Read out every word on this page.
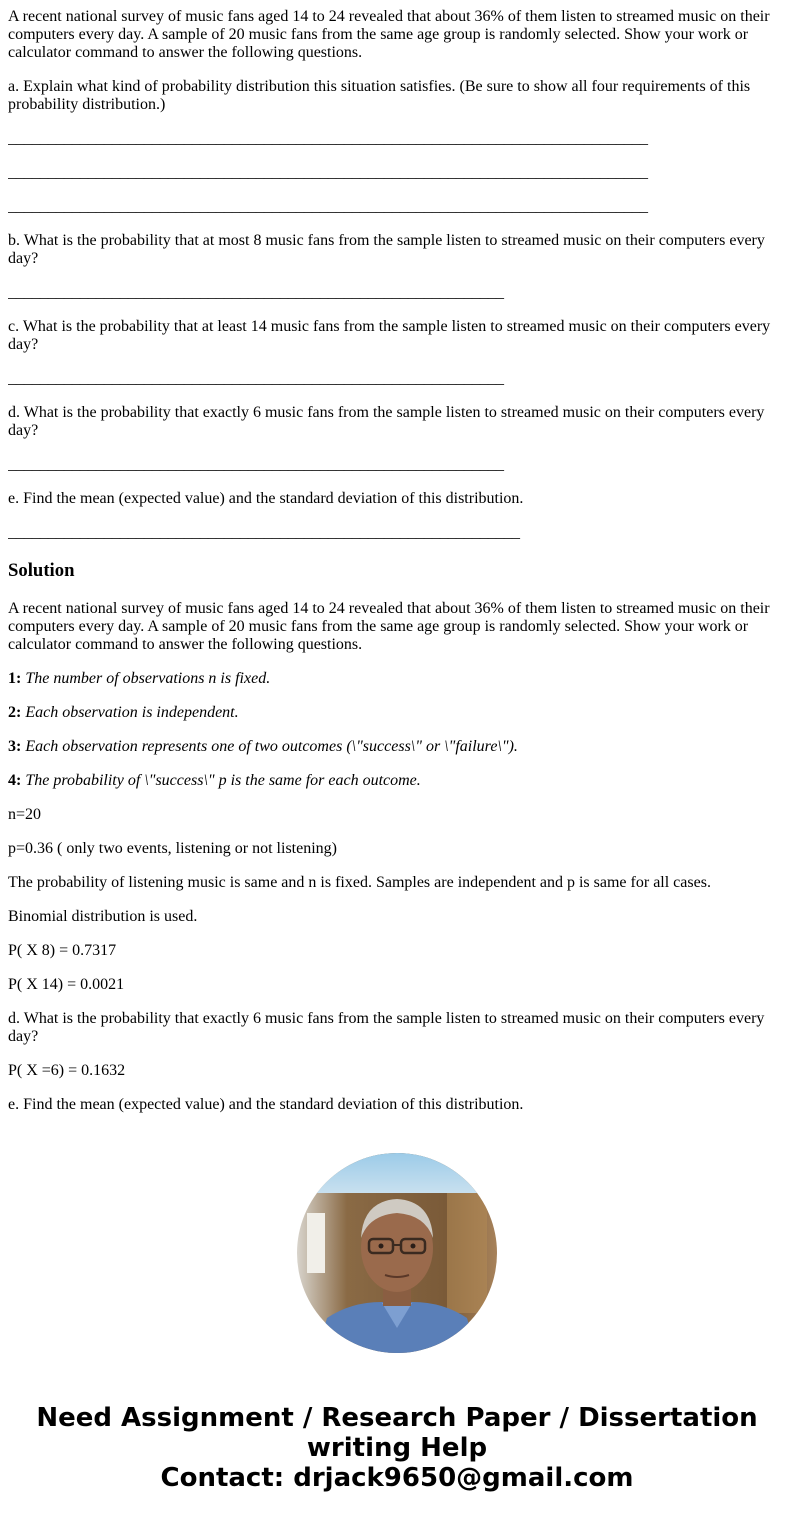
A recent national survey of music fans aged 14 to 24 revealed that about 36% of them listen to streamed music on their computers every day. A sample of 20 music fans from the same age group is randomly selected. Show your work or calculator command to answer the following questions.

a. Explain what kind of probability distribution this situation satisfies. (Be sure to show all four requirements of this probability distribution.)

________________________________________________________________________________
________________________________________________________________________________
________________________________________________________________________________

b. What is the probability that at most 8 music fans from the sample listen to streamed music on their computers every day?

______________________________________________________________

c. What is the probability that at least 14 music fans from the sample listen to streamed music on their computers every day?

______________________________________________________________

d. What is the probability that exactly 6 music fans from the sample listen to streamed music on their computers every day?

______________________________________________________________

e. Find the mean (expected value) and the standard deviation of this distribution.

________________________________________________________________
Solution

A recent national survey of music fans aged 14 to 24 revealed that about 36% of them listen to streamed music on their computers every day. A sample of 20 music fans from the same age group is randomly selected. Show your work or calculator command to answer the following questions.

1: The number of observations n is fixed.

2: Each observation is independent.

3: Each observation represents one of two outcomes (\"success\" or \"failure\").

4: The probability of \"success\" p is the same for each outcome.

n=20

p=0.36 ( only two events, listening or not listening)

The probability of listening music is same and n is fixed. Samples are independent and p is same for all cases.

Binomial distribution is used.

P( X 8) = 0.7317

P( X 14) = 0.0021

d. What is the probability that exactly 6 music fans from the sample listen to streamed music on their computers every day?

P( X =6) = 0.1632

e. Find the mean (expected value) and the standard deviation of this distribution.

Need Assignment / Research Paper / Dissertation
writing Help
Contact: drjack9650@gmail.com
